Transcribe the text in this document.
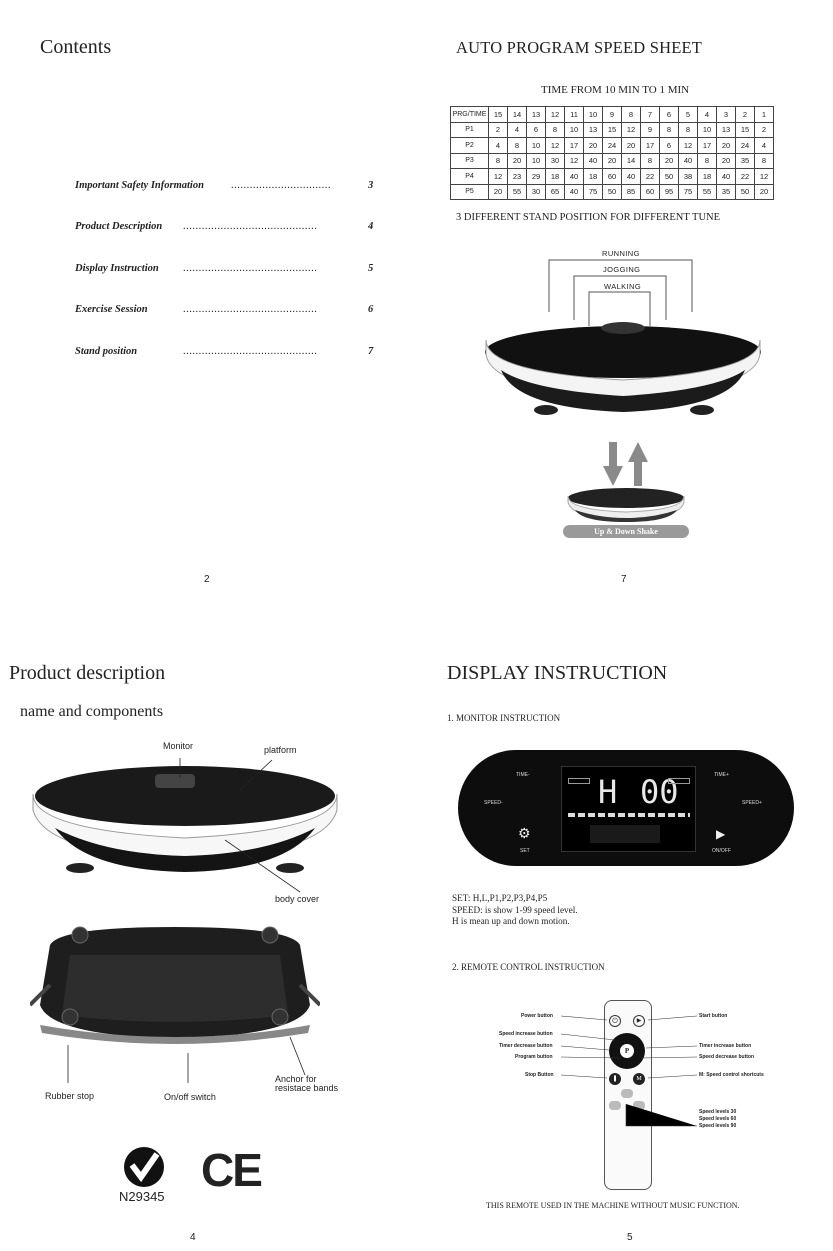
Contents
Important Safety Information	................................	3
Product Description ...........................................	4
Display Instruction ...........................................	5
Exercise Session	...........................................	6
Stand position	...........................................	7
2
AUTO PROGRAM SPEED SHEET
TIME FROM 10 MIN TO 1 MIN
PRG/TIME	15	14	13	12	11	10	9	8	7	6	5	4	3	2	1
P1	2	4	6	8	10	13	15	12	9	8	8	10	13	15	2
P2	4	8	10	12	17	20	24	20	17	6	12	17	20	24	4
P3	8	20	10	30	12	40	20	14	8	20	40	8	20	35	8
P4	12	23	29	18	40	18	60	40	22	50	38	18	40	22	12
P5	20	55	30	65	40	75	50	85	60	95	75	55	35	50	20
3 DIFFERENT STAND POSITION FOR DIFFERENT TUNE
RUNNING
JOGGING
WALKING
Up & Down Shake
7
Product description
name and components
Monitor	platform
body cover
Rubber stop	On/off switch
Anchor for
resistace bands
N29345
CE
4
DISPLAY INSTRUCTION
1. MONITOR INSTRUCTION
H 00
TIME-	TIME+
SPEED-	SPEED+
⚙
SET
▶
ON/OFF
SET: H,L,P1,P2,P3,P4,P5
SPEED: is show 1-99 speed level.
H is mean up and down motion.
2. REMOTE CONTROL INSTRUCTION
⏻	▶
P
❚	M
Power button
Speed increase button
Timer decrease button
Program button
Stop Button
Start button
Timer increase button
Speed decrease button
M: Speed control shortcuts
Speed levels 30
Speed levels 60
Speed levels 90
THIS REMOTE USED IN THE MACHINE WITHOUT MUSIC FUNCTION.
5
